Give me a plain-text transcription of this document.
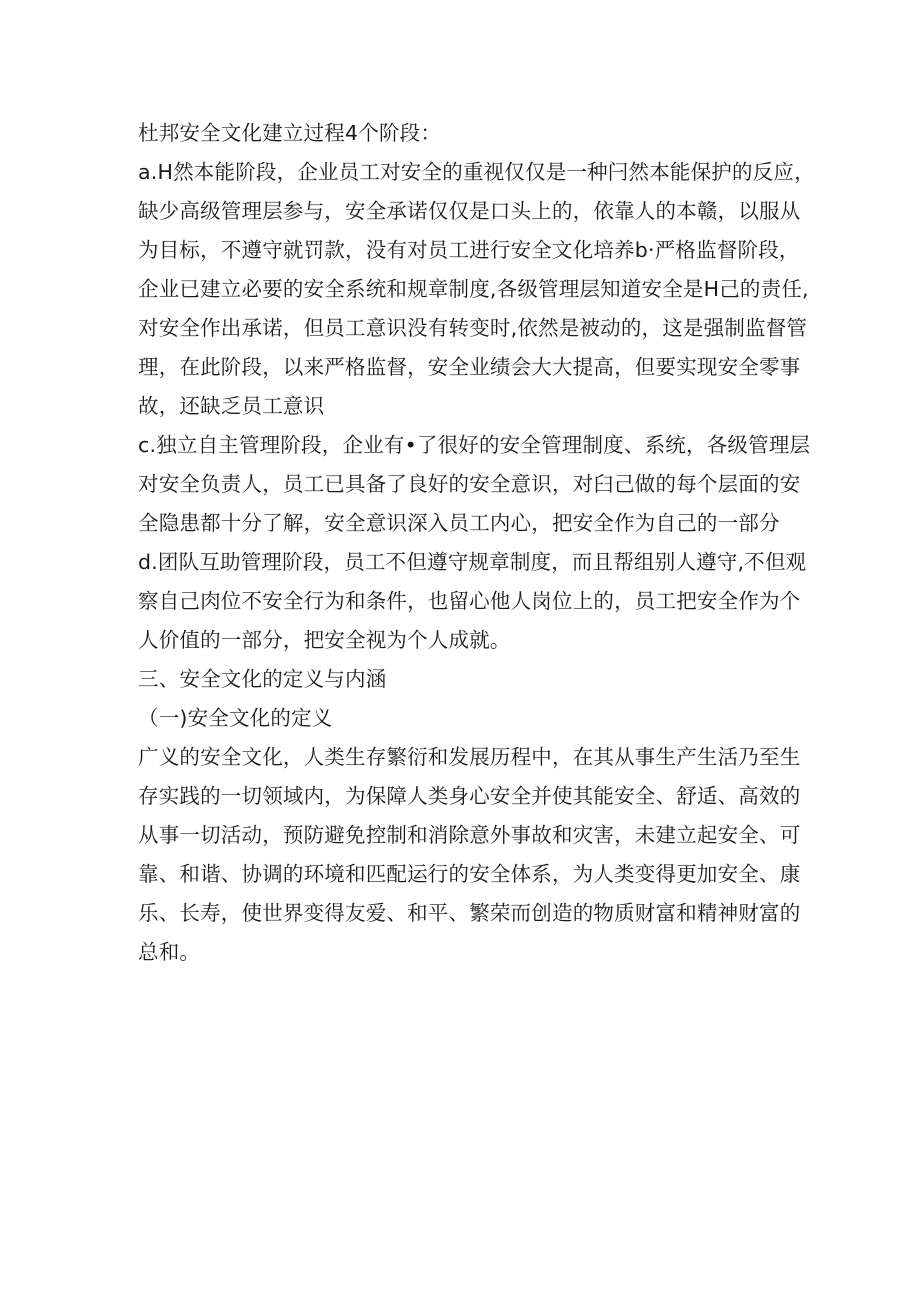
杜邦安全文化建立过程4个阶段：
a.H然本能阶段，企业员工对安全的重视仅仅是一种闩然本能保护的反应，
缺少高级管理层参与，安全承诺仅仅是口头上的，依靠人的本赣，以服从
为目标，不遵守就罚款，没有对员工进行安全文化培养b·严格监督阶段，
企业已建立必要的安全系统和规章制度,各级管理层知道安全是H己的责任,
对安全作出承诺，但员工意识没有转变时,依然是被动的，这是强制监督管
理，在此阶段，以来严格监督，安全业绩会大大提高，但要实现安全零事
故，还缺乏员工意识
c.独立自主管理阶段，企业有•了很好的安全管理制度、系统，各级管理层
对安全负责人，员工已具备了良好的安全意识，对臼己做的每个层面的安
全隐患都十分了解，安全意识深入员工内心，把安全作为自己的一部分
d.团队互助管理阶段，员工不但遵守规章制度，而且帮组别人遵守,不但观
察自己肉位不安全行为和条件，也留心他人岗位上的，员工把安全作为个
人价值的一部分，把安全视为个人成就。
三、安全文化的定义与内涵
（一)安全文化的定义
广义的安全文化，人类生存繁衍和发展历程中，在其从事生产生活乃至生
存实践的一切领域内，为保障人类身心安全并使其能安全、舒适、高效的
从事一切活动，预防避免控制和消除意外事故和灾害，未建立起安全、可
靠、和谐、协调的环境和匹配运行的安全体系，为人类变得更加安全、康
乐、长寿，使世界变得友爱、和平、繁荣而创造的物质财富和精神财富的
总和。
